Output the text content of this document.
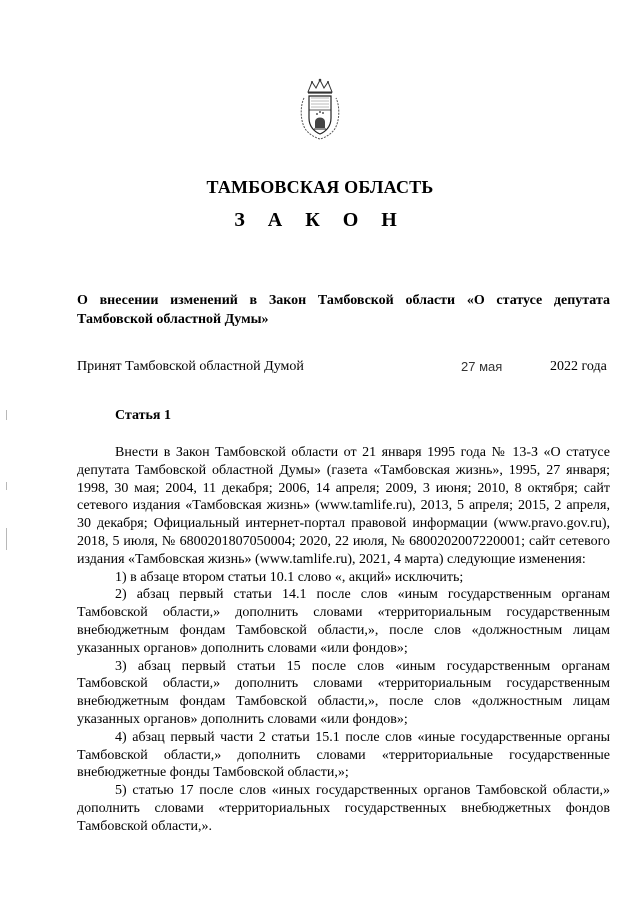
ТАМБОВСКАЯ ОБЛАСТЬ
З А К О Н
О внесении изменений в Закон Тамбовской области «О статусе депутата Тамбовской областной Думы»
Принят Тамбовской областной Думой	27 мая	2022 года
Статья 1

Внести в Закон Тамбовской области от 21 января 1995 года № 13-З «О статусе депутата Тамбовской областной Думы» (газета «Тамбовская жизнь», 1995, 27 января; 1998, 30 мая; 2004, 11 декабря; 2006, 14 апреля; 2009, 3 июня; 2010, 8 октября; сайт сетевого издания «Тамбовская жизнь» (www.tamlife.ru), 2013, 5 апреля; 2015, 2 апреля, 30 декабря; Официальный интернет-портал правовой информации (www.pravo.gov.ru), 2018, 5 июля, № 6800201807050004; 2020, 22 июля, № 6800202007220001; сайт сетевого издания «Тамбовская жизнь» (www.tamlife.ru), 2021, 4 марта) следующие изменения:

1) в абзаце втором статьи 10.1 слово «, акций» исключить;

2) абзац первый статьи 14.1 после слов «иным государственным органам Тамбовской области,» дополнить словами «территориальным государственным внебюджетным фондам Тамбовской области,», после слов «должностным лицам указанных органов» дополнить словами «или фондов»;

3) абзац первый статьи 15 после слов «иным государственным органам Тамбовской области,» дополнить словами «территориальным государственным внебюджетным фондам Тамбовской области,», после слов «должностным лицам указанных органов» дополнить словами «или фондов»;

4) абзац первый части 2 статьи 15.1 после слов «иные государственные органы Тамбовской области,» дополнить словами «территориальные государственные внебюджетные фонды Тамбовской области,»;

5) статью 17 после слов «иных государственных органов Тамбовской области,» дополнить словами «территориальных государственных внебюджетных фондов Тамбовской области,».
